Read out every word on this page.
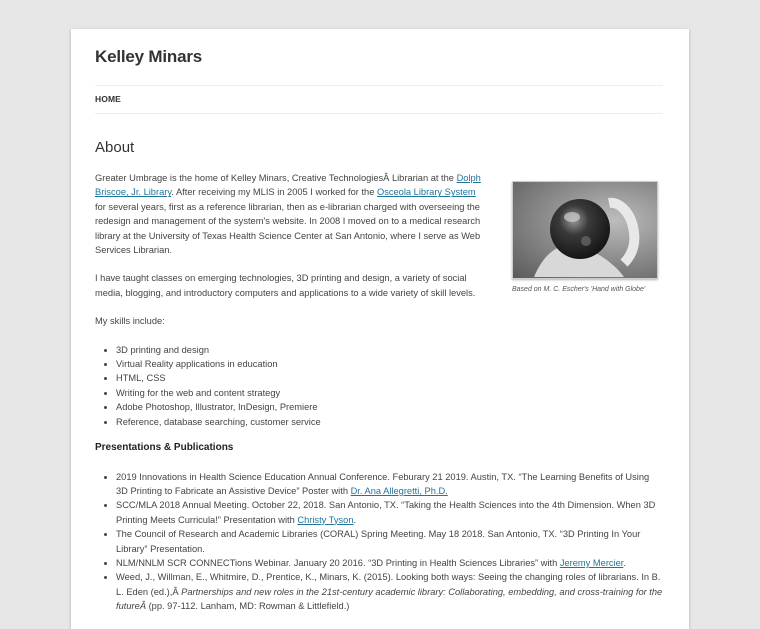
Kelley Minars
HOME
About
Based on M. C. Escher's 'Hand with Globe'

Greater Umbrage is the home of Kelley Minars, Creative TechnologiesÂ Librarian at the Dolph Briscoe, Jr. Library. After receiving my MLIS in 2005 I worked for the Osceola Library System for several years, first as a reference librarian, then as e-librarian charged with overseeing the redesign and management of the system's website. In 2008 I moved on to a medical research library at the University of Texas Health Science Center at San Antonio, where I serve as Web Services Librarian.

I have taught classes on emerging technologies, 3D printing and design, a variety of social media, blogging, and introductory computers and applications to a wide variety of skill levels.

My skills include:

• 3D printing and design
• Virtual Reality applications in education
• HTML, CSS
• Writing for the web and content strategy
• Adobe Photoshop, Illustrator, InDesign, Premiere
• Reference, database searching, customer service
Presentations & Publications
• 2019 Innovations in Health Science Education Annual Conference. Feburary 21 2019. Austin, TX. “The Learning Benefits of Using 3D Printing to Fabricate an Assistive Device” Poster with Dr. Ana Allegretti, Ph.D.
• SCC/MLA 2018 Annual Meeting. October 22, 2018. San Antonio, TX. “Taking the Health Sciences into the 4th Dimension. When 3D Printing Meets Curricula!” Presentation with Christy Tyson.
• The Council of Research and Academic Libraries (CORAL) Spring Meeting. May 18 2018. San Antonio, TX. “3D Printing In Your Library” Presentation.
• NLM/NNLM SCR CONNECTions Webinar. January 20 2016. “3D Printing in Health Sciences Libraries” with Jeremy Mercier.
• Weed, J., Willman, E., Whitmire, D., Prentice, K., Minars, K. (2015). Looking both ways: Seeing the changing roles of librarians. In B. L. Eden (ed.),Â Partnerships and new roles in the 21st-century academic library: Collaborating, embedding, and cross-training for the futureÂ (pp. 97-112. Lanham, MD: Rowman & Littlefield.)
